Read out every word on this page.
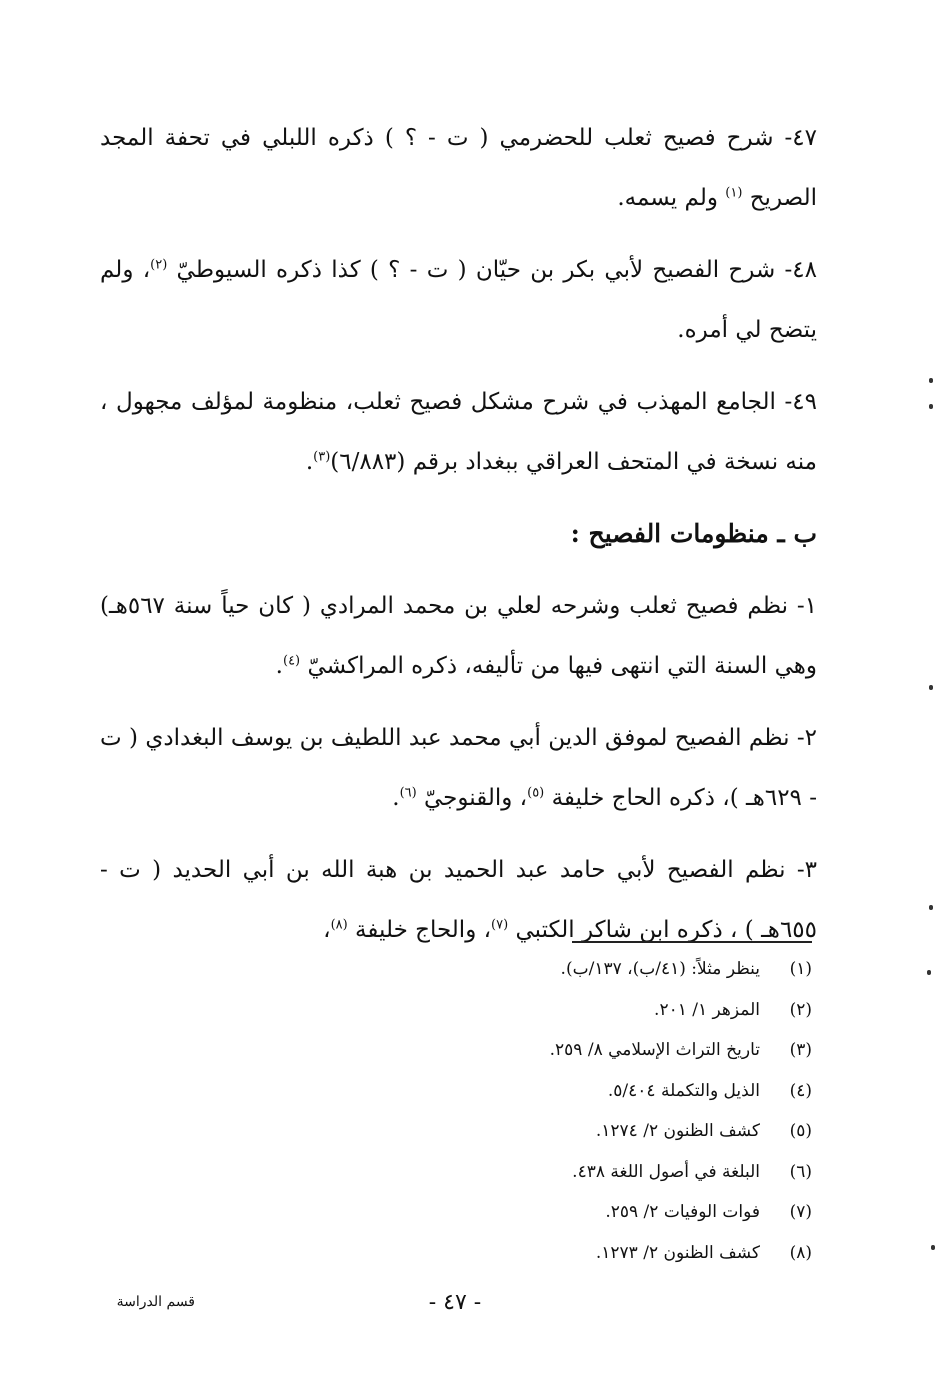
٤٧- شرح فصيح ثعلب للحضرمي ( ت - ؟ ) ذكره اللبلي في تحفة المجد الصريح $^{(١)}$ ولم يسمه.

٤٨- شرح الفصيح لأبي بكر بن حيّان ( ت - ؟ ) كذا ذكره السيوطيّ $^{(٢)}$، ولم يتضح لي أمره.

٤٩- الجامع المهذب في شرح مشكل فصيح ثعلب، منظومة لمؤلف مجهول ، منه نسخة في المتحف العراقي ببغداد برقم (٦/٨٨٣)$^{(٣)}$.

ب ـ منظومات الفصيح :

١- نظم فصيح ثعلب وشرحه لعلي بن محمد المرادي ( كان حياً سنة ٥٦٧هـ) وهي السنة التي انتهى فيها من تأليفه، ذكره المراكشيّ $^{(٤)}$.

٢- نظم الفصيح لموفق الدين أبي محمد عبد اللطيف بن يوسف البغدادي ( ت - ٦٢٩هـ )، ذكره الحاج خليفة $^{(٥)}$، والقنوجيّ $^{(٦)}$.

٣- نظم الفصيح لأبي حامد عبد الحميد بن هبة الله بن أبي الحديد ( ت - ٦٥٥هـ ) ، ذكره ابن شاكر الكتبي $^{(٧)}$، والحاج خليفة $^{(٨)}$،

(١)ينظر مثلاً: (٤١/ب)، ١٣٧/ب).
(٢)المزهر ١/ ٢٠١.
(٣)تاريخ التراث الإسلامي ٨/ ٢٥٩.
(٤)الذيل والتكملة ٥/٤٠٤.
(٥)كشف الظنون ٢/ ١٢٧٤.
(٦)البلغة في أصول اللغة ٤٣٨.
(٧)فوات الوفيات ٢/ ٢٥٩.
(٨)كشف الظنون ٢/ ١٢٧٣.
قسم الدراسة	- ٤٧ -
